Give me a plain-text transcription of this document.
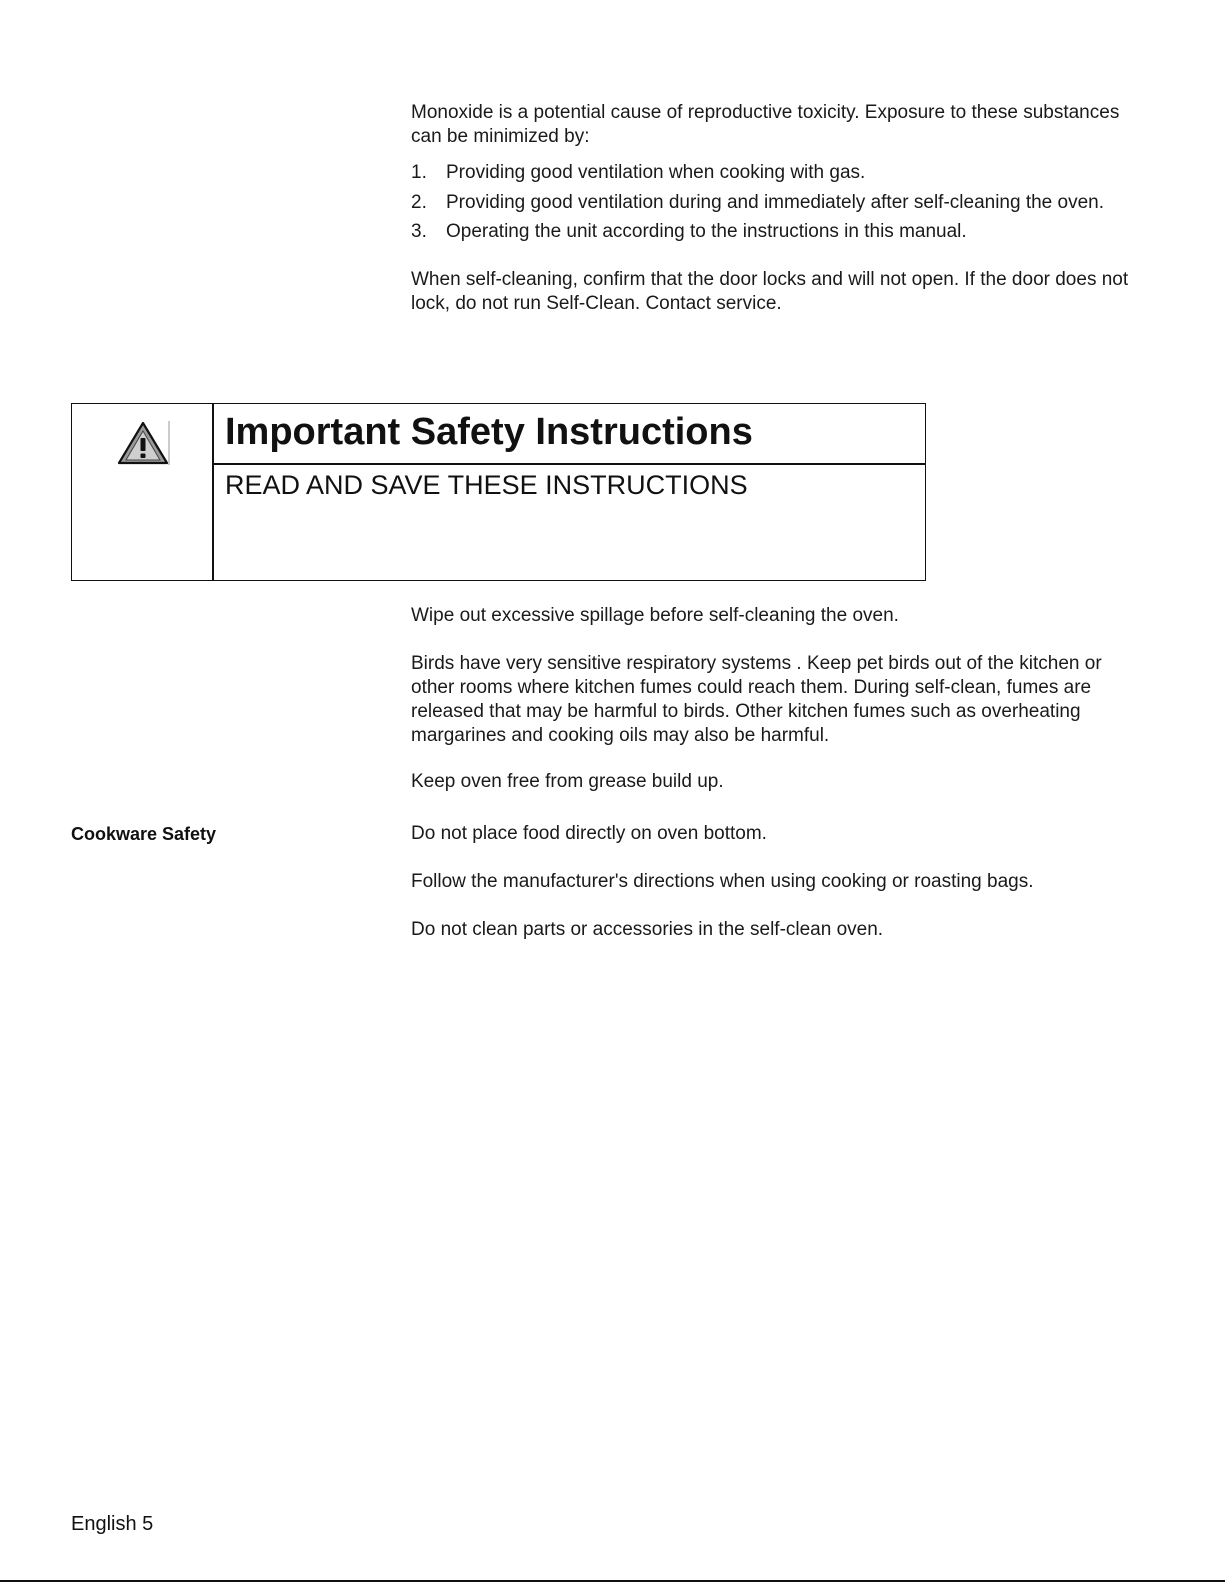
Monoxide is a potential cause of reproductive toxicity. Exposure to these substances can be minimized by:

1. Providing good ventilation when cooking with gas.
2. Providing good ventilation during and immediately after self-cleaning the oven.
3. Operating the unit according to the instructions in this manual.

When self-cleaning, confirm that the door locks and will not open. If the door does not lock, do not run Self-Clean. Contact service.

Important Safety Instructions
READ AND SAVE THESE INSTRUCTIONS

Wipe out excessive spillage before self-cleaning the oven.

Birds have very sensitive respiratory systems . Keep pet birds out of the kitchen or other rooms where kitchen fumes could reach them. During self-clean, fumes are released that may be harmful to birds. Other kitchen fumes such as overheating margarines and cooking oils may also be harmful.

Keep oven free from grease build up.

Cookware Safety	Do not place food directly on oven bottom.

Follow the manufacturer's directions when using cooking or roasting bags.

Do not clean parts or accessories in the self-clean oven.

English 5
